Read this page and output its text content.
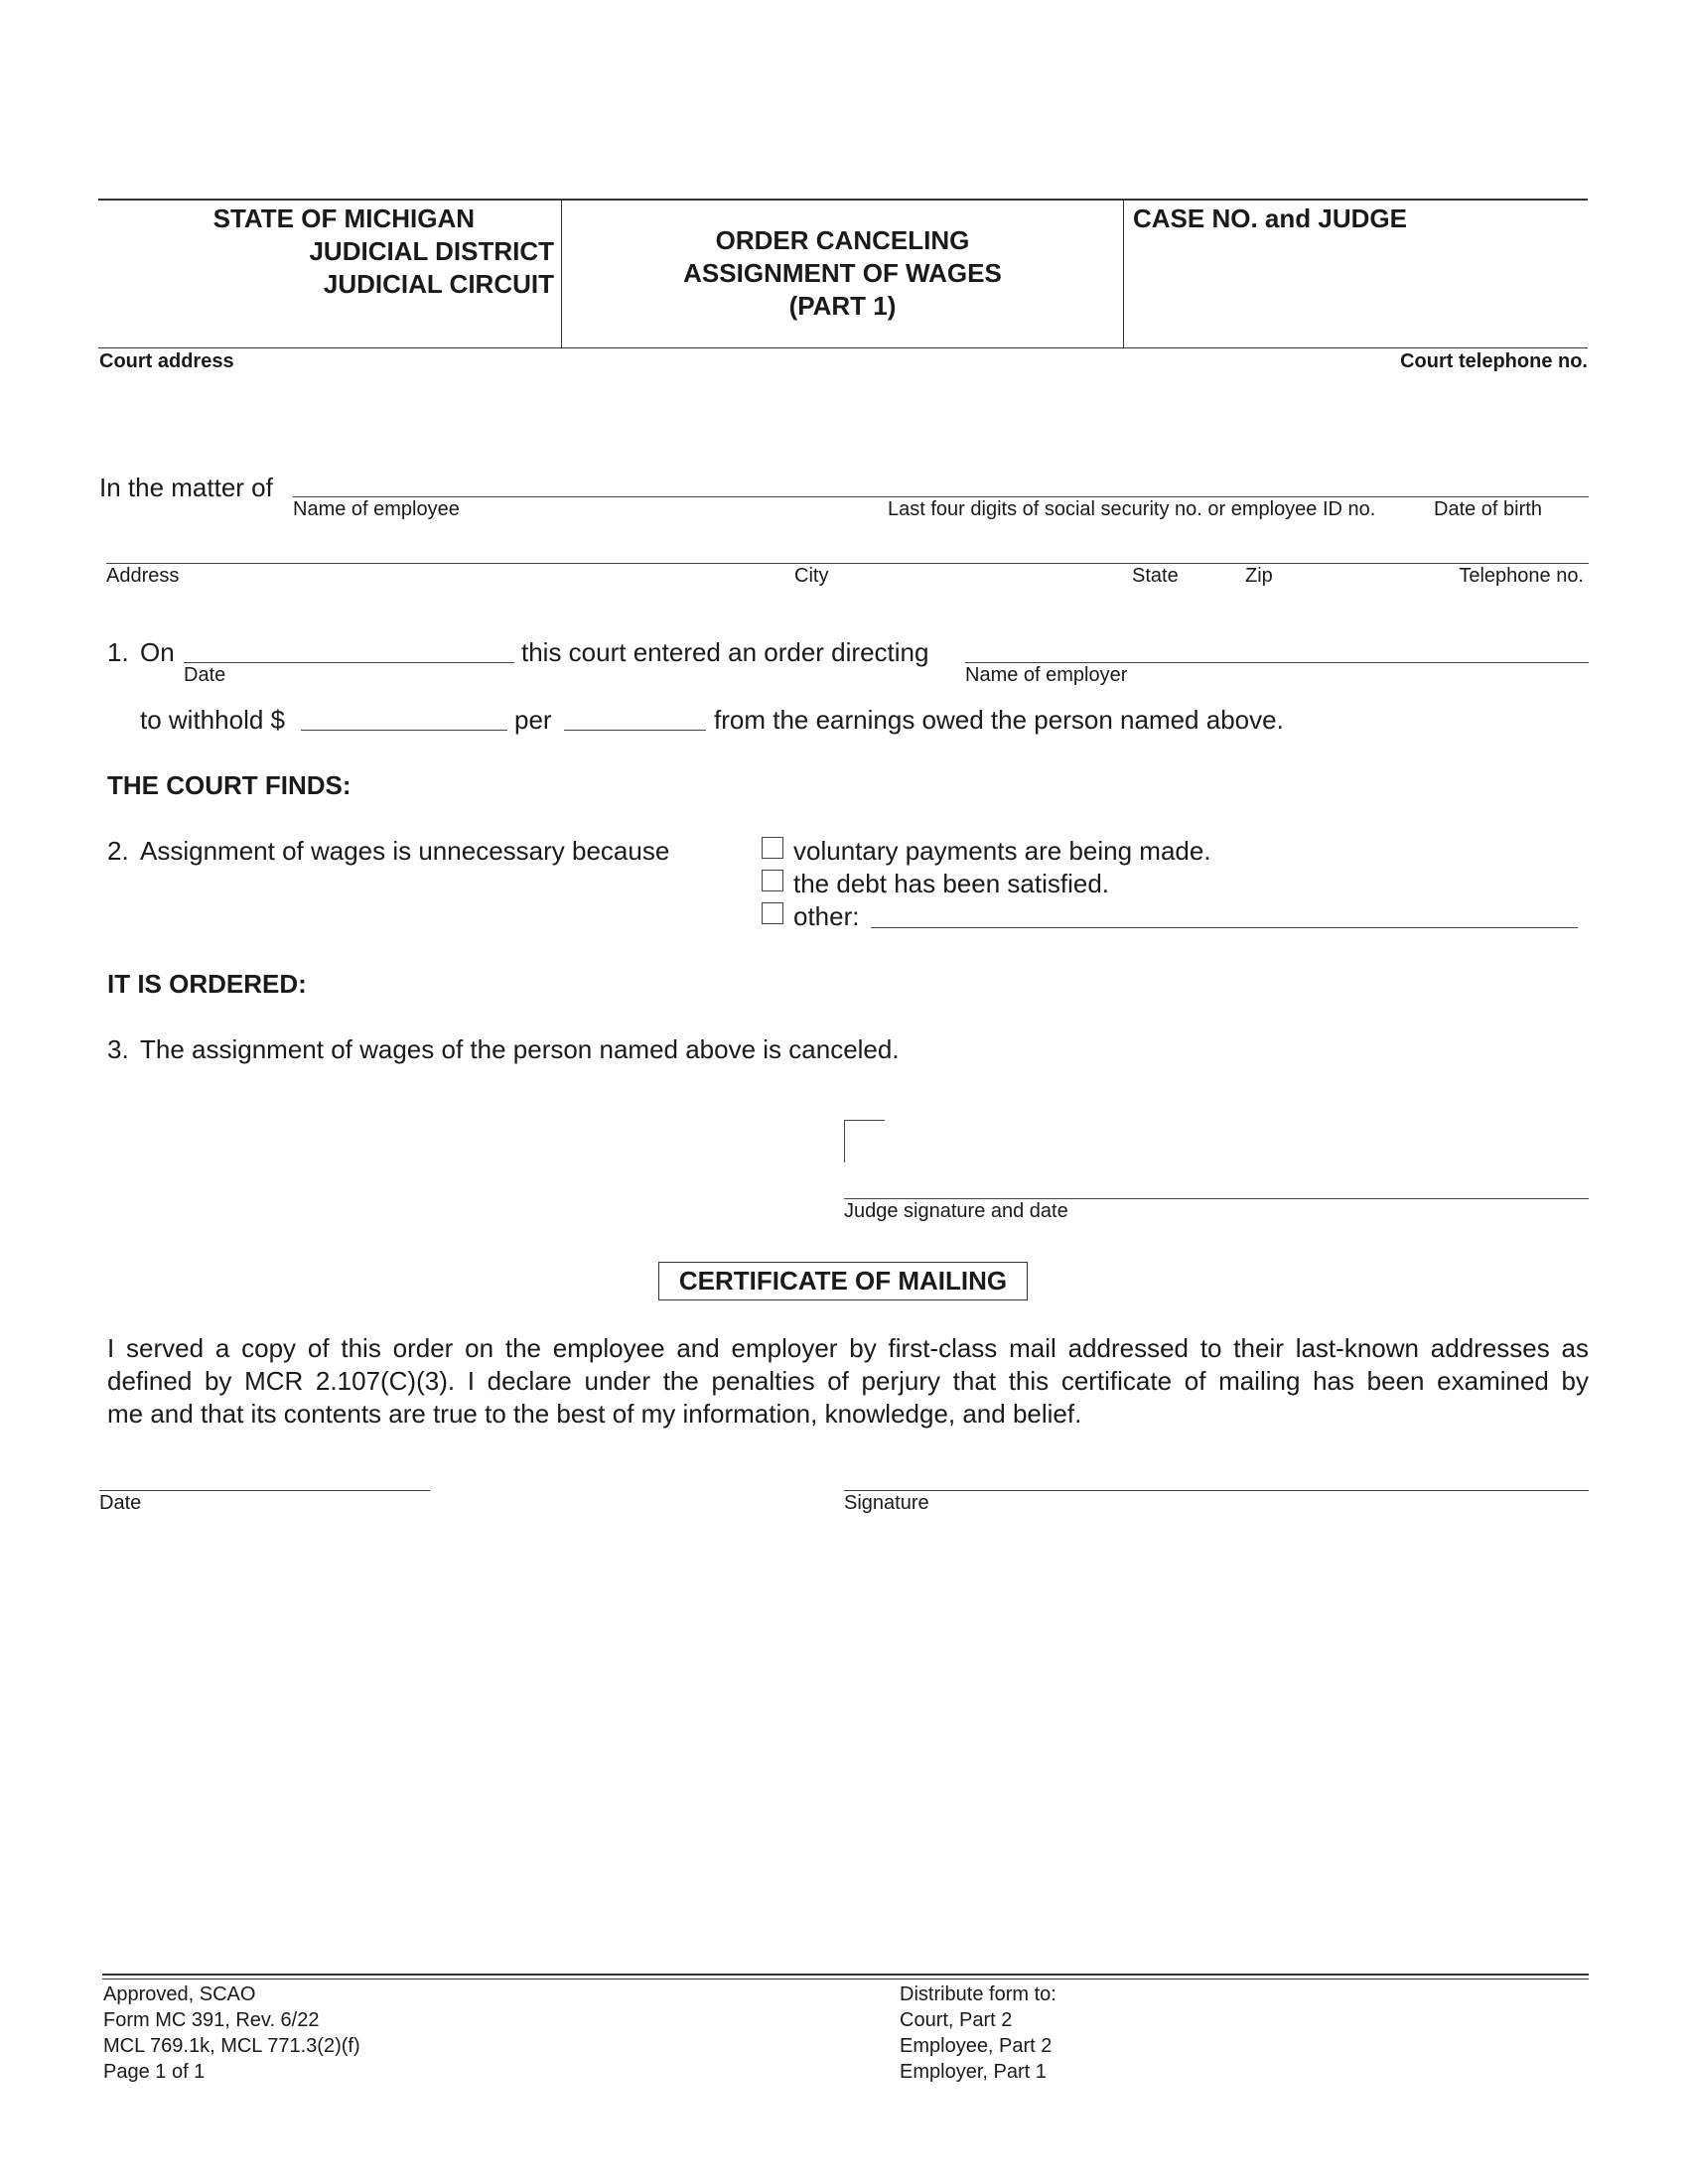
STATE OF MICHIGAN
JUDICIAL DISTRICT
JUDICIAL CIRCUIT
ORDER CANCELING
ASSIGNMENT OF WAGES
(PART 1)
CASE NO. and JUDGE
Court address	Court telephone no.
In the matter of
Name of employee	Last four digits of social security no. or employee ID no.	Date of birth
Address	City	State	Zip	Telephone no.
1. On
Date
this court entered an order directing
Name of employer
to withhold $	per	from the earnings owed the person named above.
THE COURT FINDS:
2. Assignment of wages is unnecessary because	voluntary payments are being made.
the debt has been satisfied.
other:
IT IS ORDERED:
3. The assignment of wages of the person named above is canceled.
Judge signature and date
CERTIFICATE OF MAILING
I served a copy of this order on the employee and employer by first-class mail addressed to their last-known addresses as
defined by MCR 2.107(C)(3). I declare under the penalties of perjury that this certificate of mailing has been examined by
me and that its contents are true to the best of my information, knowledge, and belief.
Date	Signature
Approved, SCAO
Form MC 391, Rev. 6/22
MCL 769.1k, MCL 771.3(2)(f)
Page 1 of 1
Distribute form to:
Court, Part 2
Employee, Part 2
Employer, Part 1
